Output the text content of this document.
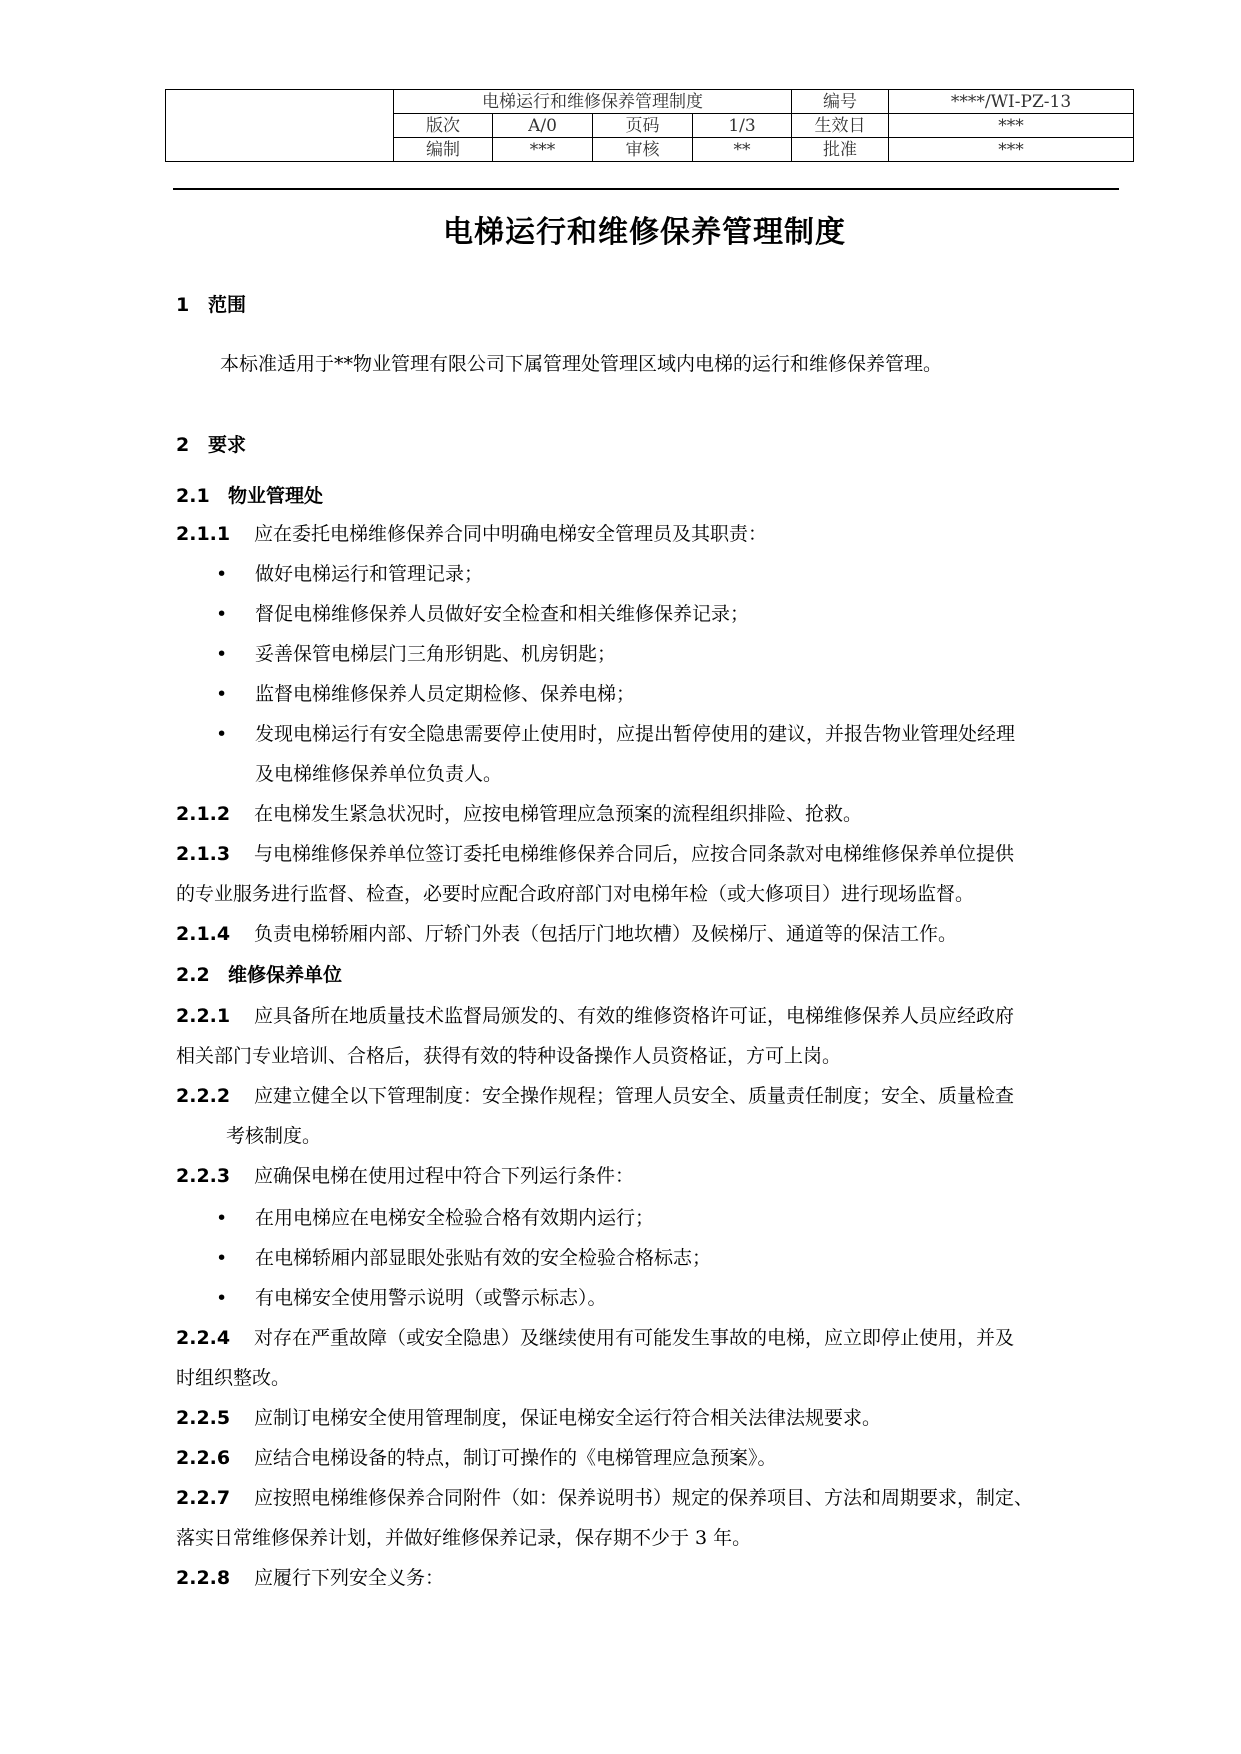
	电梯运行和维修保养管理制度				编号	****/WI-PZ-13
	版次	A/0	页码	1/3	生效日	***
	编制	***	审核	**	批准	***
电梯运行和维修保养管理制度
1 范围
本标准适用于**物业管理有限公司下属管理处管理区域内电梯的运行和维修保养管理。
2 要求
2.1 物业管理处
2.1.1 应在委托电梯维修保养合同中明确电梯安全管理员及其职责：
•	做好电梯运行和管理记录；
•	督促电梯维修保养人员做好安全检查和相关维修保养记录；
•	妥善保管电梯层门三角形钥匙、机房钥匙；
•	监督电梯维修保养人员定期检修、保养电梯；
•	发现电梯运行有安全隐患需要停止使用时，应提出暂停使用的建议，并报告物业管理处经理
及电梯维修保养单位负责人。
2.1.2 在电梯发生紧急状况时，应按电梯管理应急预案的流程组织排险、抢救。
2.1.3 与电梯维修保养单位签订委托电梯维修保养合同后，应按合同条款对电梯维修保养单位提供
的专业服务进行监督、检查，必要时应配合政府部门对电梯年检（或大修项目）进行现场监督。
2.1.4 负责电梯轿厢内部、厅轿门外表（包括厅门地坎槽）及候梯厅、通道等的保洁工作。
2.2 维修保养单位
2.2.1 应具备所在地质量技术监督局颁发的、有效的维修资格许可证，电梯维修保养人员应经政府
相关部门专业培训、合格后，获得有效的特种设备操作人员资格证，方可上岗。
2.2.2 应建立健全以下管理制度：安全操作规程；管理人员安全、质量责任制度；安全、质量检查
考核制度。
2.2.3 应确保电梯在使用过程中符合下列运行条件：
•	在用电梯应在电梯安全检验合格有效期内运行；
•	在电梯轿厢内部显眼处张贴有效的安全检验合格标志；
•	有电梯安全使用警示说明（或警示标志）。
2.2.4 对存在严重故障（或安全隐患）及继续使用有可能发生事故的电梯，应立即停止使用，并及
时组织整改。
2.2.5 应制订电梯安全使用管理制度，保证电梯安全运行符合相关法律法规要求。
2.2.6 应结合电梯设备的特点，制订可操作的《电梯管理应急预案》。
2.2.7 应按照电梯维修保养合同附件（如：保养说明书）规定的保养项目、方法和周期要求，制定、
落实日常维修保养计划，并做好维修保养记录，保存期不少于 3 年。
2.2.8 应履行下列安全义务：
